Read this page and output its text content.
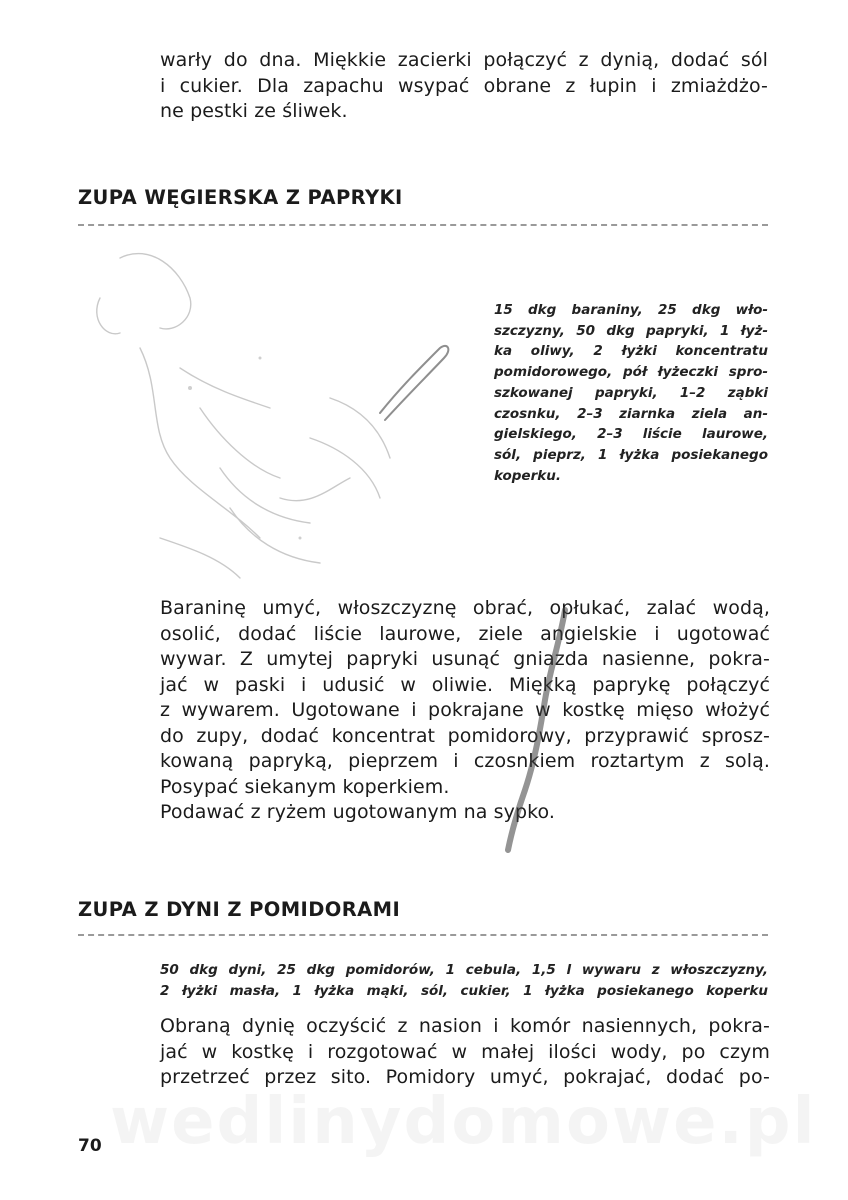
warły do dna. Miękkie zacierki połączyć z dynią, dodać sól
i cukier. Dla zapachu wsypać obrane z łupin i zmiażdżo-
ne pestki ze śliwek.
ZUPA WĘGIERSKA Z PAPRYKI
15 dkg baraniny, 25 dkg wło-
szczyzny, 50 dkg papryki, 1 łyż-
ka oliwy, 2 łyżki koncentratu
pomidorowego, pół łyżeczki spro-
szkowanej papryki, 1–2 ząbki
czosnku, 2–3 ziarnka ziela an-
gielskiego, 2–3 liście laurowe,
sól, pieprz, 1 łyżka posiekanego
koperku.
Baraninę umyć, włoszczyznę obrać, opłukać, zalać wodą,
osolić, dodać liście laurowe, ziele angielskie i ugotować
wywar. Z umytej papryki usunąć gniazda nasienne, pokra-
jać w paski i udusić w oliwie. Miękką paprykę połączyć
z wywarem. Ugotowane i pokrajane w kostkę mięso włożyć
do zupy, dodać koncentrat pomidorowy, przyprawić sprosz-
kowaną papryką, pieprzem i czosnkiem roztartym z solą.
Posypać siekanym koperkiem.
Podawać z ryżem ugotowanym na sypko.
ZUPA Z DYNI Z POMIDORAMI
50 dkg dyni, 25 dkg pomidorów, 1 cebula, 1,5 l wywaru z włoszczyzny,
2 łyżki masła, 1 łyżka mąki, sól, cukier, 1 łyżka posiekanego koperku
Obraną dynię oczyścić z nasion i komór nasiennych, pokra-
jać w kostkę i rozgotować w małej ilości wody, po czym
przetrzeć przez sito. Pomidory umyć, pokrajać, dodać po-

70
